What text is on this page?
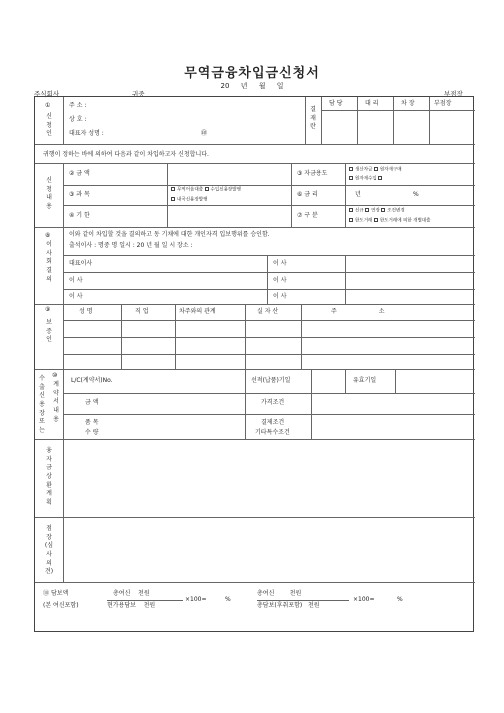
무역금융차입금신청서
20 년 월 일
주식회사	귀중	부점장
①
신청인
주 소 :
상 호 :
대표자 성명 :	㊞
결재란
담 당	대 리	차 장	부점장
귀행이 정하는 바에 의하여 다음과 같이 차입하고자 신청합니다.
신청내용
② 금 액	③ 자금용도	생산자금 원자재구매
원자재수입
③ 과 목
무역어음대출 수입신용장발행
내국신용장발행
⑥ 금 리	년	%
④ 기 한	⑦ 구 분
신규 연장 조건변경
한도거래 한도거래에 의한 개별대출
⑧
이사회결의
이와 같이 차입할 것을 결의하고 동 기채에 대한 개인자격 입보행위를 승인함.
출석이사 : 명중 명 일시 : 20 년 월 일 시 장소 :
대표이사	이 사
이 사	이 사
이 사	이 사
⑨
보증인
성 명	직 업	차주와의 관계	실 자 산	주 소
수출신용장또는
⑩
계약서내용
L/C(계약서)No.	선적(납품)기일	유효기일
금 액	가격조건
품 목	결제조건
수 량	기타특수조건
융자금상환계획
점장(심사의견)
⑱ 담보액
(본 여신포함)
총여신 천원
현가용담보 천원
×100=	%
총여신	천원
총담보(후취포함) 천원
×100=	%
